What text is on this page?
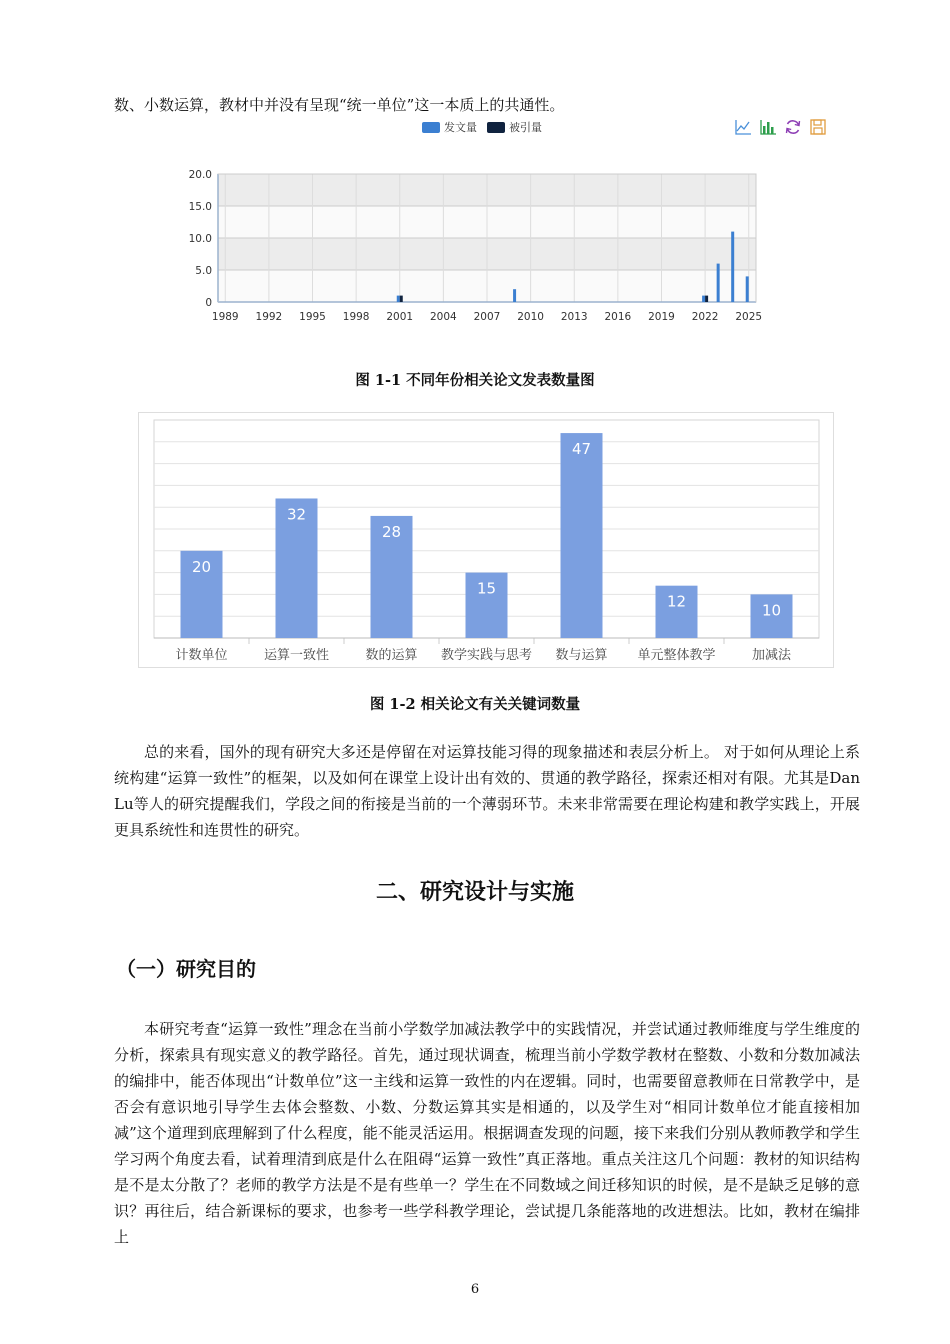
数、小数运算，教材中并没有呈现“统一单位”这一本质上的共通性。

发文量	被引量
0
5.0
10.0
15.0
20.0
1989 1992 1995 1998 2001 2004 2007 2010 2013 2016 2019 2022 2025
图 1-1 不同年份相关论文发表数量图
20
计数单位
32
运算一致性
28
数的运算
15
教学实践与思考
47
数与运算
12
单元整体教学
10
加减法
图 1-2 相关论文有关关键词数量

总的来看，国外的现有研究大多还是停留在对运算技能习得的现象描述和表层分析上。 对于如何从理论上系统构建“运算一致性”的框架，以及如何在课堂上设计出有效的、贯通的教学路径，探索还相对有限。尤其是Dan Lu等人的研究提醒我们，学段之间的衔接是当前的一个薄弱环节。未来非常需要在理论构建和教学实践上，开展更具系统性和连贯性的研究。

二、研究设计与实施
（一）研究目的

本研究考查“运算一致性”理念在当前小学数学加减法教学中的实践情况，并尝试通过教师维度与学生维度的分析，探索具有现实意义的教学路径。首先，通过现状调查，梳理当前小学数学教材在整数、小数和分数加减法的编排中，能否体现出“计数单位”这一主线和运算一致性的内在逻辑。同时，也需要留意教师在日常教学中，是否会有意识地引导学生去体会整数、小数、分数运算其实是相通的，以及学生对“相同计数单位才能直接相加减”这个道理到底理解到了什么程度，能不能灵活运用。根据调查发现的问题，接下来我们分别从教师教学和学生学习两个角度去看，试着理清到底是什么在阻碍“运算一致性”真正落地。重点关注这几个问题：教材的知识结构是不是太分散了？老师的教学方法是不是有些单一？学生在不同数域之间迁移知识的时候，是不是缺乏足够的意识？再往后，结合新课标的要求，也参考一些学科教学理论，尝试提几条能落地的改进想法。比如，教材在编排上

6
